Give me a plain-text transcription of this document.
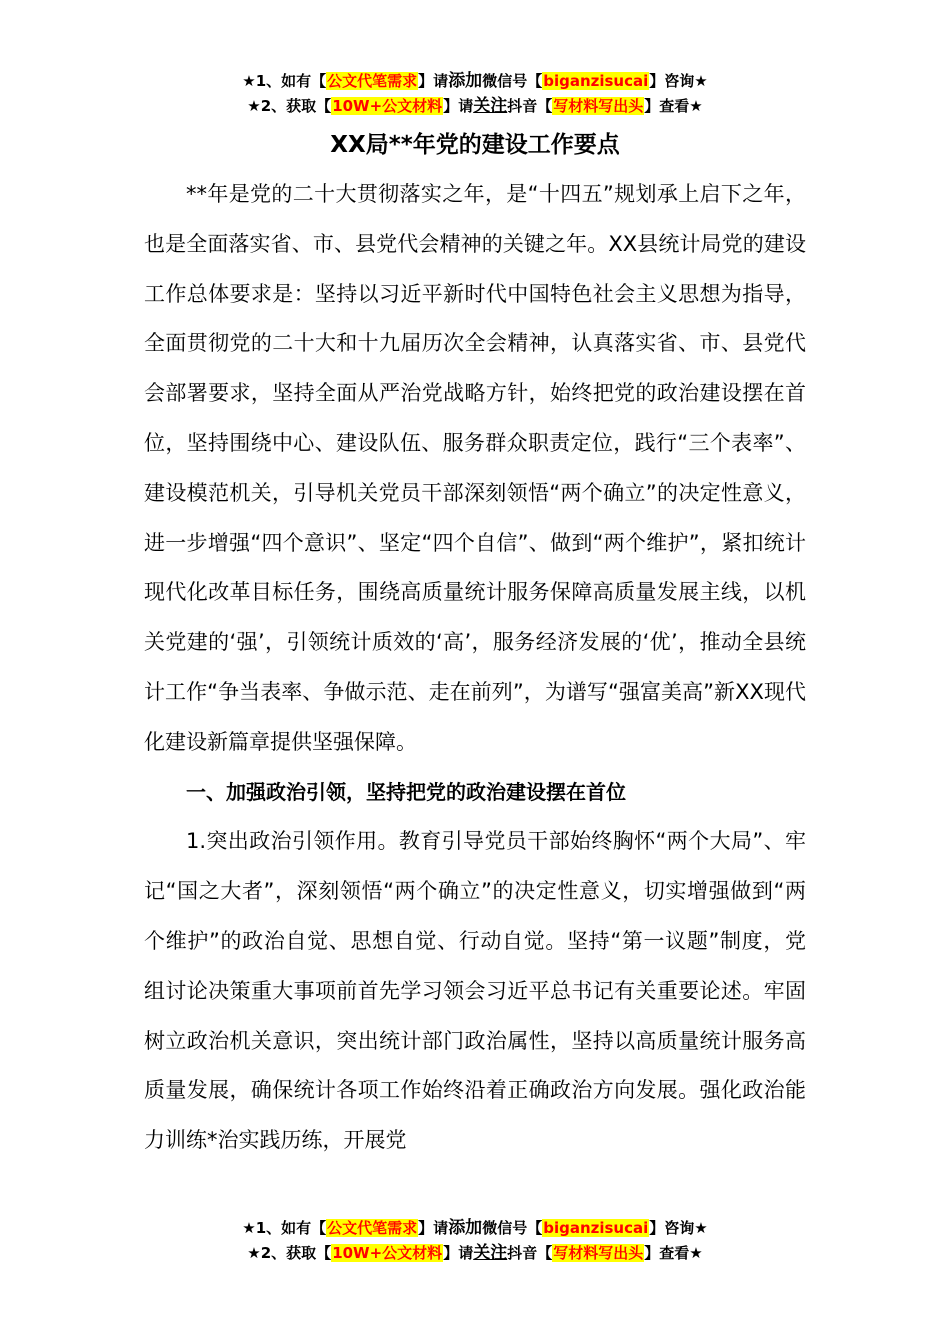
★1、如有【公文代笔需求】请添加微信号【biganzisucai】咨询★
★2、获取【10W+公文材料】请关注抖音【写材料写出头】查看★
XX局**年党的建设工作要点

**年是党的二十大贯彻落实之年，是“十四五”规划承上启下之年，也是全面落实省、市、县党代会精神的关键之年。XX县统计局党的建设工作总体要求是：坚持以习近平新时代中国特色社会主义思想为指导，全面贯彻党的二十大和十九届历次全会精神，认真落实省、市、县党代会部署要求，坚持全面从严治党战略方针，始终把党的政治建设摆在首位，坚持围绕中心、建设队伍、服务群众职责定位，践行“三个表率”、建设模范机关，引导机关党员干部深刻领悟“两个确立”的决定性意义，进一步增强“四个意识”、坚定“四个自信”、做到“两个维护”，紧扣统计现代化改革目标任务，围绕高质量统计服务保障高质量发展主线，以机关党建的‘强’，引领统计质效的‘高’，服务经济发展的‘优’，推动全县统计工作“争当表率、争做示范、走在前列”，为谱写“强富美高”新XX现代化建设新篇章提供坚强保障。

一、加强政治引领，坚持把党的政治建设摆在首位

1.突出政治引领作用。教育引导党员干部始终胸怀“两个大局”、牢记“国之大者”，深刻领悟“两个确立”的决定性意义，切实增强做到“两个维护”的政治自觉、思想自觉、行动自觉。坚持“第一议题”制度，党组讨论决策重大事项前首先学习领会习近平总书记有关重要论述。牢固树立政治机关意识，突出统计部门政治属性，坚持以高质量统计服务高质量发展，确保统计各项工作始终沿着正确政治方向发展。强化政治能力训练*治实践历练，开展党

★1、如有【公文代笔需求】请添加微信号【biganzisucai】咨询★
★2、获取【10W+公文材料】请关注抖音【写材料写出头】查看★
